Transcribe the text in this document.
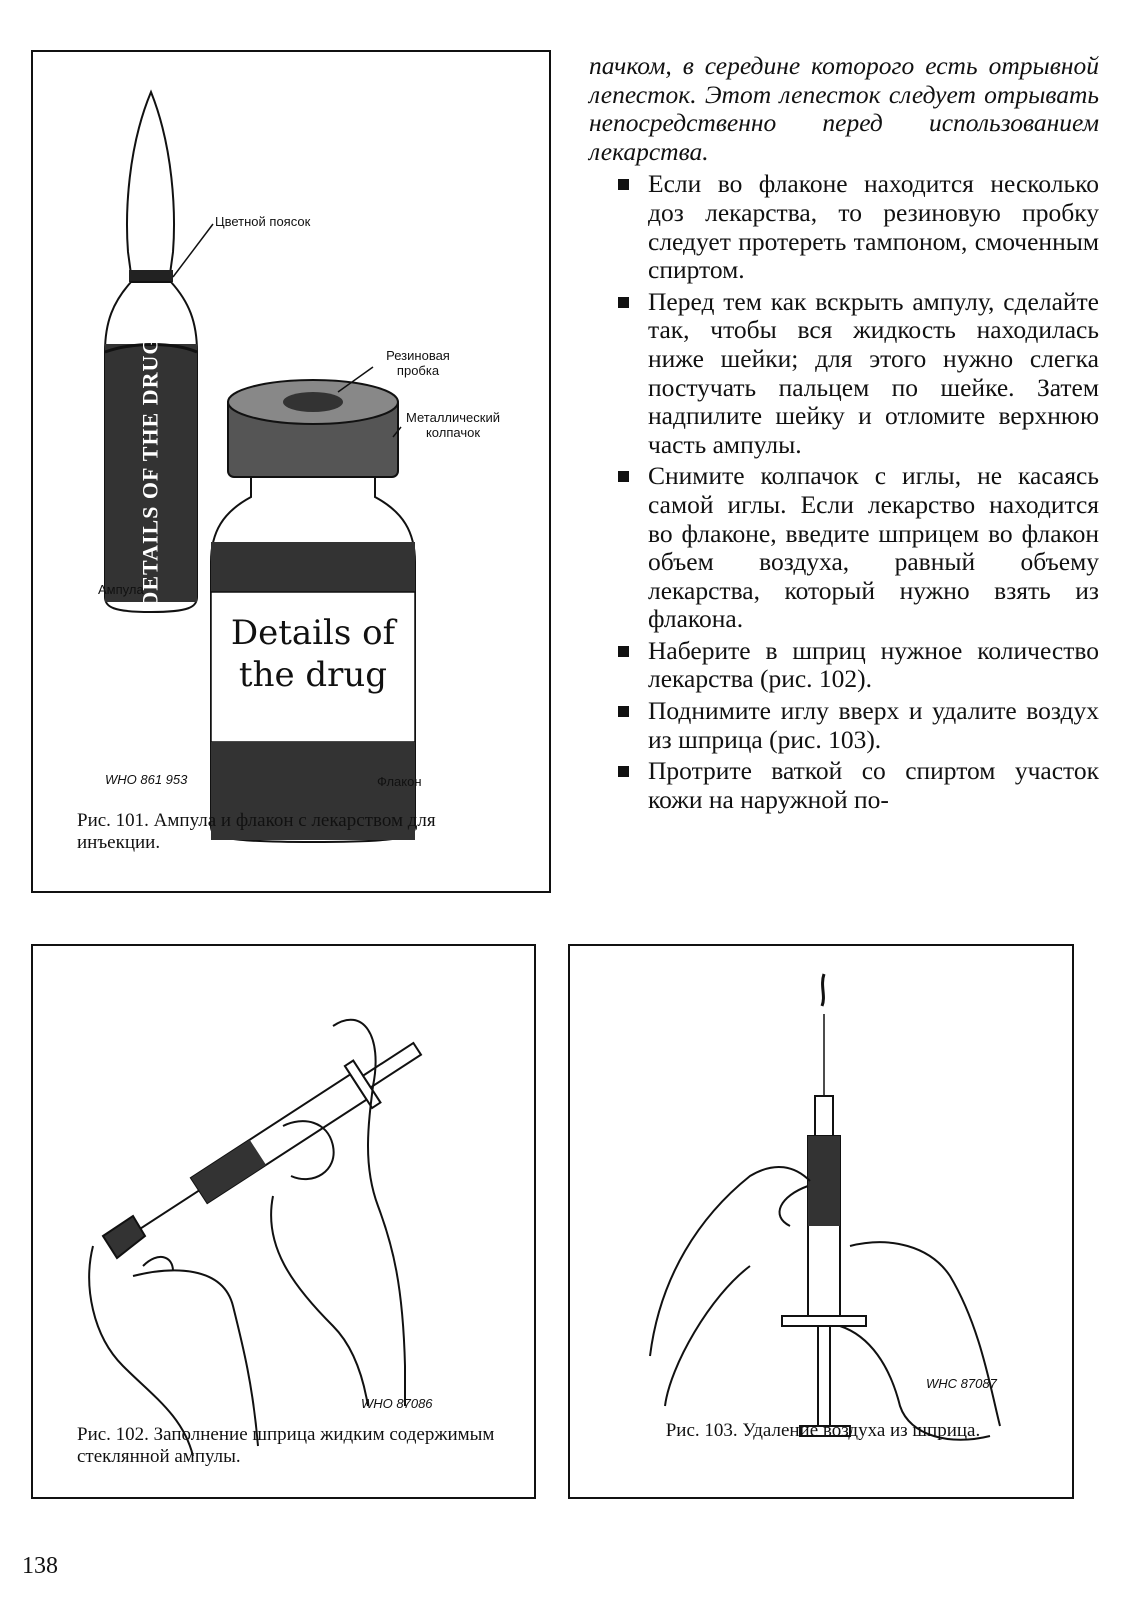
Цветной поясок
Резиновая пробка
Металлический колпачок
Ампула
Флакон
DETAILS OF THE DRUG
Details of
the drug
WHO 861 953
Рис. 101. Ампула и флакон с лекарством для инъекции.

пачком, в середине которого есть отрывной лепесток. Этот лепесток следует отрывать непосредственно перед использованием лекарства.

Если во флаконе находится несколько доз лекарства, то резиновую пробку следует протереть тампоном, смоченным спиртом.
Перед тем как вскрыть ампулу, сделайте так, чтобы вся жидкость находилась ниже шейки; для этого нужно слегка постучать пальцем по шейке. Затем надпилите шейку и отломите верхнюю часть ампулы.
Снимите колпачок с иглы, не касаясь самой иглы. Если лекарство находится во флаконе, введите шприцем во флакон объем воздуха, равный объему лекарства, который нужно взять из флакона.
Наберите в шприц нужное количество лекарства (рис. 102).
Поднимите иглу вверх и удалите воздух из шприца (рис. 103).
Протрите ваткой со спиртом участок кожи на наружной по-
WHO 87086
Рис. 102. Заполнение шприца жидким содержимым стеклянной ампулы.
WHC 87087
Рис. 103. Удаление воздуха из шприца.
138
